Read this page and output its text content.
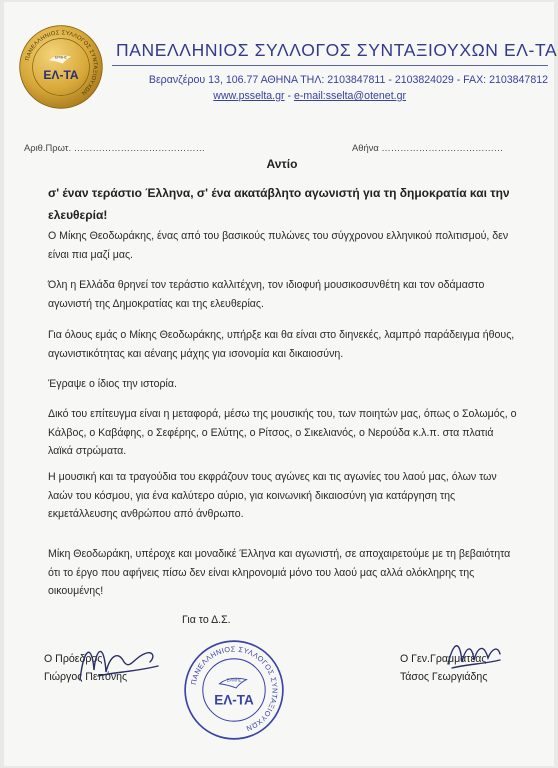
ΠΑΝΕΛΛΗΝΙΟΣ ΣΥΛΛΟΓΟΣ ΣΥΝΤΑΞΙΟΥΧΩΝ
ΕΡΜΗΣ
ΕΛ-ΤΑ
ΠΑΝΕΛΛΗΝΙΟΣ ΣΥΛΛΟΓΟΣ ΣΥΝΤΑΞΙΟΥΧΩΝ ΕΛ-ΤΑ
Βερανζέρου 13, 106.77 ΑΘΗΝΑ ΤΗΛ: 2103847811 - 2103824029 - FAX: 2103847812
www.psselta.gr - e-mail:sselta@otenet.gr
Αριθ.Πρωτ. ……………………………………	Αθήνα …………………………………
Αντίο
σ' έναν τεράστιο Έλληνα, σ' ένα ακατάβλητο αγωνιστή για τη δημοκρατία και την ελευθερία!
Ο Μίκης Θεοδωράκης, ένας από του βασικούς πυλώνες του σύγχρονου ελληνικού πολιτισμού, δεν είναι πια μαζί μας.
Όλη η Ελλάδα θρηνεί τον τεράστιο καλλιτέχνη, τον ιδιοφυή μουσικοσυνθέτη και τον οδάμαστο αγωνιστή της Δημοκρατίας και της ελευθερίας.
Για όλους εμάς ο Μίκης Θεοδωράκης, υπήρξε και θα είναι στο διηνεκές, λαμπρό παράδειγμα ήθους, αγωνιστικότητας και αέναης μάχης για ισονομία και δικαιοσύνη.
Έγραψε ο ίδιος την ιστορία.
Δικό του επίτευγμα είναι η μεταφορά, μέσω της μουσικής του, των ποιητών μας, όπως ο Σολωμός, ο Κάλβος, ο Καβάφης, ο Σεφέρης, ο Ελύτης, ο Ρίτσος, ο Σικελιανός, ο Νερούδα κ.λ.π. στα πλατιά λαϊκά στρώματα.
Η μουσική και τα τραγούδια του εκφράζουν τους αγώνες και τις αγωνίες του λαού μας, όλων των λαών του κόσμου, για ένα καλύτερο αύριο, για κοινωνική δικαιοσύνη για κατάργηση της εκμετάλλευσης ανθρώπου από άνθρωπο.
Μίκη Θεοδωράκη, υπέροχε και μοναδικέ Έλληνα και αγωνιστή, σε αποχαιρετούμε με τη βεβαιότητα ότι το έργο που αφήνεις πίσω δεν είναι κληρονομιά μόνο του λαού μας αλλά ολόκληρης της οικουμένης!
Για το Δ.Σ.
Ο Πρόεδρος
Γιώργος Πεπόνης
Ο Γεν.Γραμματέας
Τάσος Γεωργιάδης
ΠΑΝΕΛΛΗΝΙΟΣ ΣΥΛΛΟΓΟΣ ΣΥΝΤΑΞΙΟΥΧΩΝ
ΕΡΜΗΣ
ΕΛ-ΤΑ
